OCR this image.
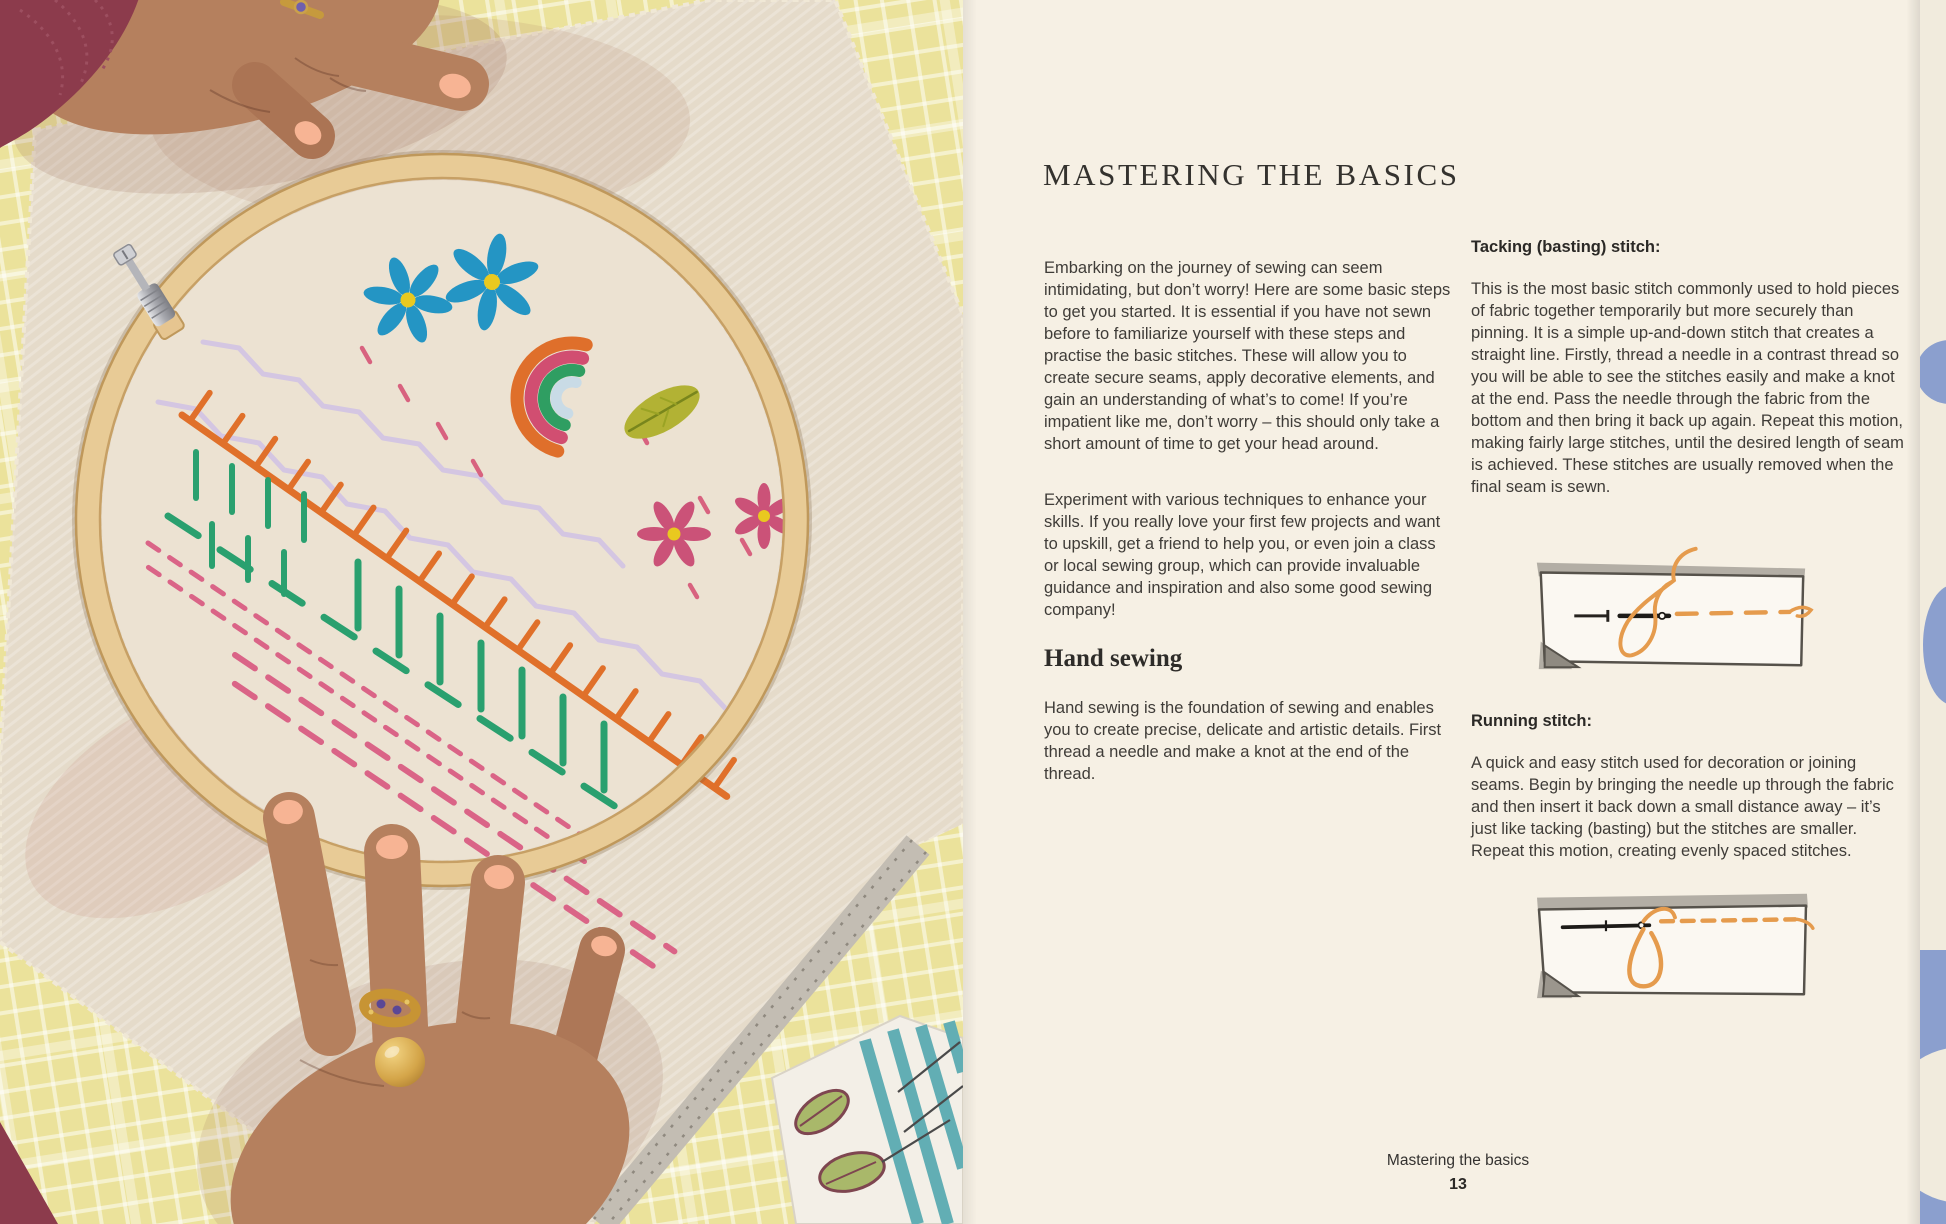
MASTERING THE BASICS

Embarking on the journey of sewing can seem intimidating, but don’t worry! Here are some basic steps to get you started. It is essential if you have not sewn before to familiarize yourself with these steps and practise the basic stitches. These will allow you to create secure seams, apply decorative elements, and gain an understanding of what’s to come! If you’re impatient like me, don’t worry – this should only take a short amount of time to get your head around.

Experiment with various techniques to enhance your skills. If you really love your first few projects and want to upskill, get a friend to help you, or even join a class or local sewing group, which can provide invaluable guidance and inspiration and also some good sewing company!

Hand sewing

Hand sewing is the foundation of sewing and enables you to create precise, delicate and artistic details. First thread a needle and make a knot at the end of the thread.

Tacking (basting) stitch:

This is the most basic stitch commonly used to hold pieces of fabric together temporarily but more securely than pinning. It is a simple up-and-down stitch that creates a straight line. Firstly, thread a needle in a contrast thread so you will be able to see the stitches easily and make a knot at the end. Pass the needle through the fabric from the bottom and then bring it back up again. Repeat this motion, making fairly large stitches, until the desired length of seam is achieved. These stitches are usually removed when the final seam is sewn.

Running stitch:

A quick and easy stitch used for decoration or joining seams. Begin by bringing the needle up through the fabric and then insert it back down a small distance away – it’s just like tacking (basting) but the stitches are smaller. Repeat this motion, creating evenly spaced stitches.

Mastering the basics
13
